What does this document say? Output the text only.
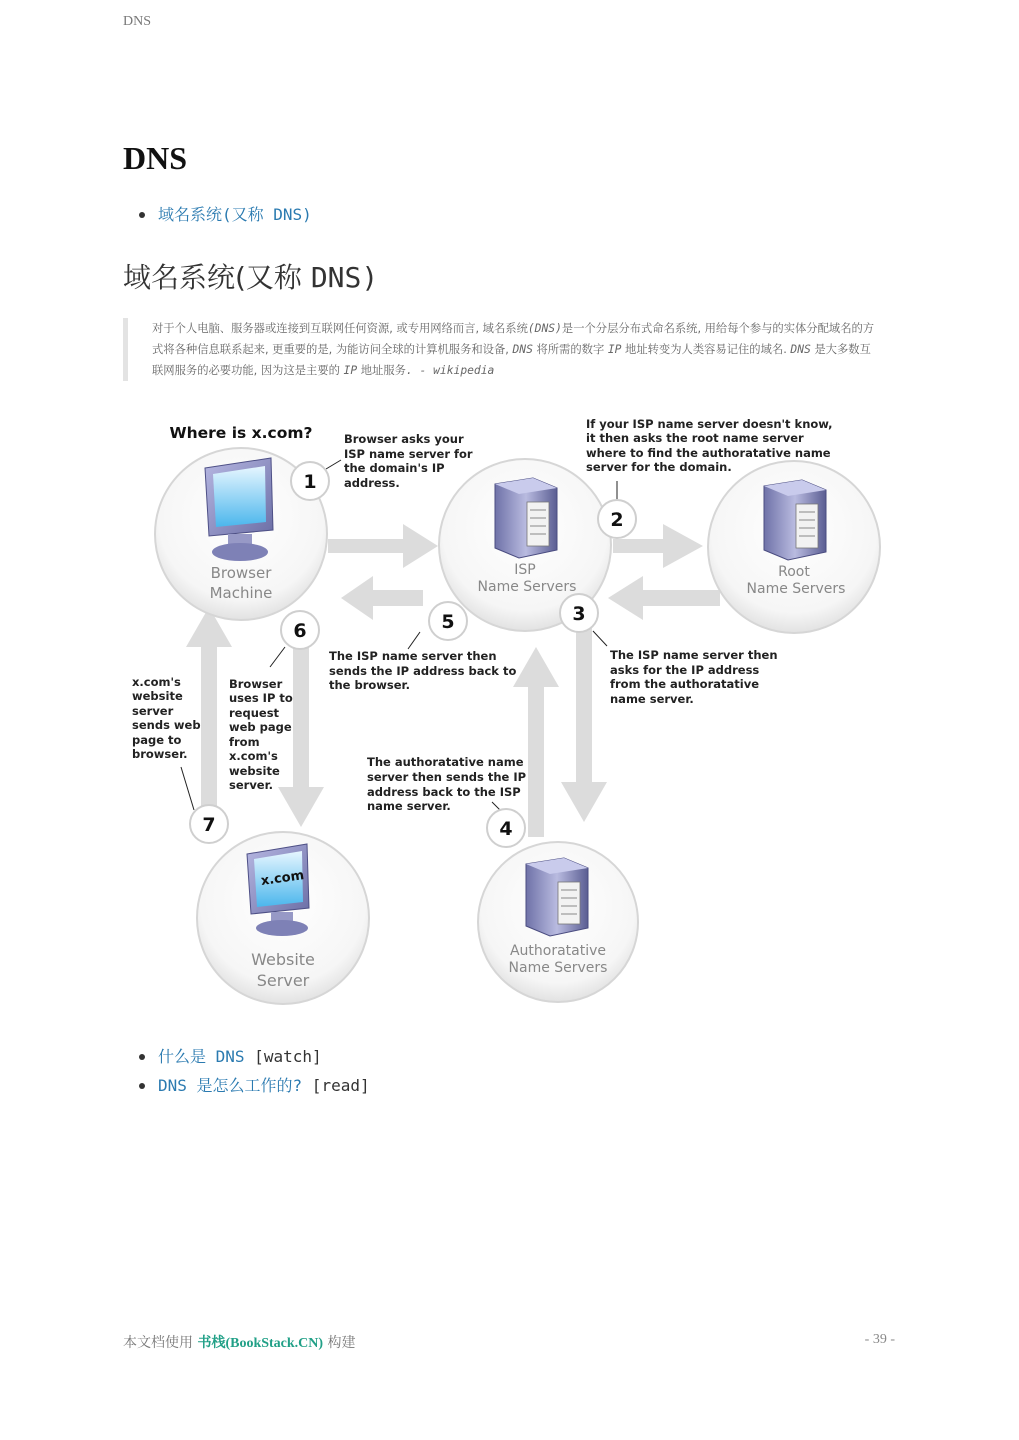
DNS
DNS
域名系统(又称 DNS)
域名系统(又称 DNS)
对于个人电脑、服务器或连接到互联网任何资源, 或专用网络而言, 域名系统(DNS)是一个分层分布式命名系统, 用给每个参与的实体分配域名的方式将各种信息联系起来, 更重要的是, 为能访问全球的计算机服务和设备, DNS 将所需的数字 IP 地址转变为人类容易记住的域名. DNS 是大多数互联网服务的必要功能, 因为这是主要的 IP 地址服务. - wikipedia
Where is x.com?
Browser
Machine
ISP
Name Servers
Root
Name Servers
x.com
Website
Server
Authoratative
Name Servers
1
2
3
4
5
6
7
Browser asks your ISP name server for the domain's IP address.
If your ISP name server doesn't know, it then asks the root name server where to find the authoratative name server for the domain.
The ISP name server then asks for the IP address from the authoratative name server.
The authoratative name server then sends the IP address back to the ISP name server.
The ISP name server then sends the IP address back to the browser.
Browser uses IP to request web page from x.com's website server.
x.com's website server sends web page to browser.
什么是 DNS [watch]
DNS 是怎么工作的? [read]
本文档使用 书栈(BookStack.CN) 构建	- 39 -
